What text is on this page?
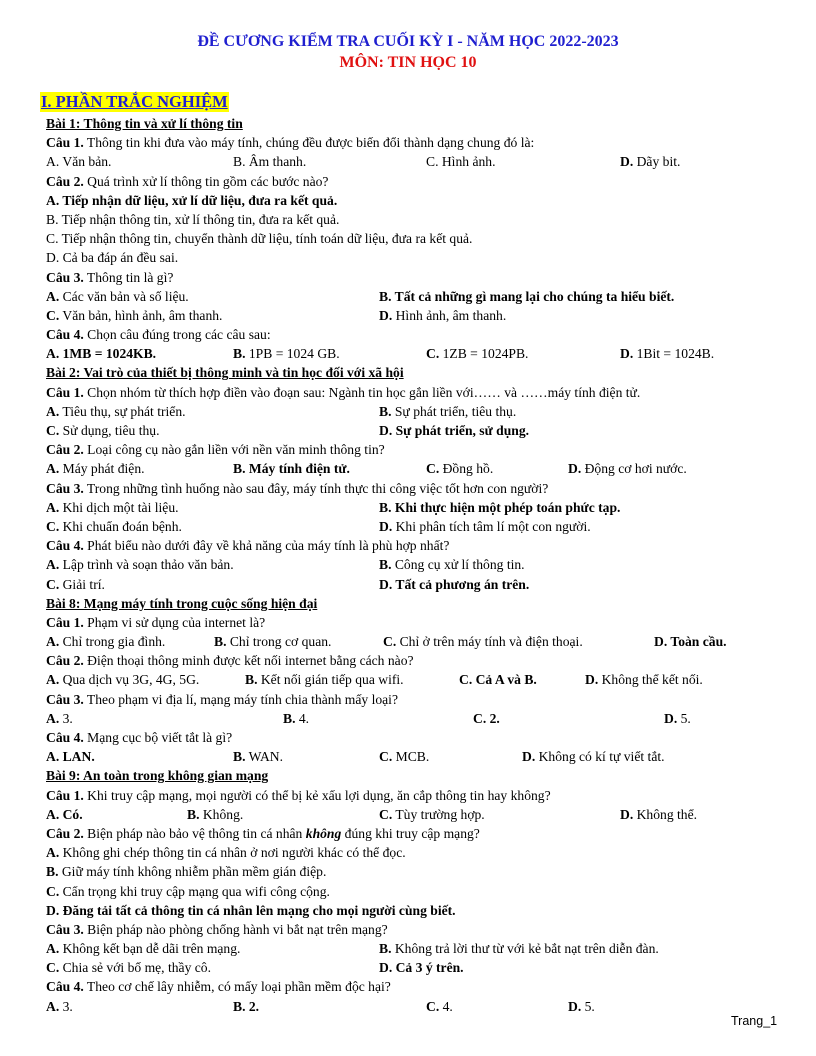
ĐỀ CƯƠNG KIỂM TRA CUỐI KỲ I - NĂM HỌC 2022-2023
MÔN: TIN HỌC 10
I. PHẦN TRẮC NGHIỆM
Bài 1: Thông tin và xử lí thông tin
Câu 1. Thông tin khi đưa vào máy tính, chúng đều được biến đổi thành dạng chung đó là:
A. Văn bản.	B. Âm thanh.	C. Hình ảnh.	D. Dãy bit.
Câu 2. Quá trình xử lí thông tin gồm các bước nào?
A. Tiếp nhận dữ liệu, xử lí dữ liệu, đưa ra kết quả.
B. Tiếp nhận thông tin, xử lí thông tin, đưa ra kết quả.
C. Tiếp nhận thông tin, chuyển thành dữ liệu, tính toán dữ liệu, đưa ra kết quả.
D. Cả ba đáp án đều sai.
Câu 3. Thông tin là gì?
A. Các văn bản và số liệu.	B. Tất cả những gì mang lại cho chúng ta hiểu biết.
C. Văn bản, hình ảnh, âm thanh.	D. Hình ảnh, âm thanh.
Câu 4. Chọn câu đúng trong các câu sau:
A. 1MB = 1024KB.	B. 1PB = 1024 GB.	C. 1ZB = 1024PB.	D. 1Bit = 1024B.
Bài 2: Vai trò của thiết bị thông minh và tin học đối với xã hội
Câu 1. Chọn nhóm từ thích hợp điền vào đoạn sau: Ngành tin học gắn liền với…… và ……máy tính điện tử.
A. Tiêu thụ, sự phát triển.	B. Sự phát triển, tiêu thụ.
C. Sử dụng, tiêu thụ.	D. Sự phát triển, sử dụng.
Câu 2. Loại công cụ nào gắn liền với nền văn minh thông tin?
A. Máy phát điện.	B. Máy tính điện tử.	C. Đồng hồ.	D. Động cơ hơi nước.
Câu 3. Trong những tình huống nào sau đây, máy tính thực thi công việc tốt hơn con người?
A. Khi dịch một tài liệu.	B. Khi thực hiện một phép toán phức tạp.
C. Khi chuẩn đoán bệnh.	D. Khi phân tích tâm lí một con người.
Câu 4. Phát biểu nào dưới đây về khả năng của máy tính là phù hợp nhất?
A. Lập trình và soạn thảo văn bản.	B. Công cụ xử lí thông tin.
C. Giải trí.	D. Tất cả phương án trên.
Bài 8: Mạng máy tính trong cuộc sống hiện đại
Câu 1. Phạm vi sử dụng của internet là?
A. Chỉ trong gia đình.	B. Chỉ trong cơ quan.	C. Chỉ ở trên máy tính và điện thoại.	D. Toàn cầu.
Câu 2. Điện thoại thông minh được kết nối internet bằng cách nào?
A. Qua dịch vụ 3G, 4G, 5G.	B. Kết nối gián tiếp qua wifi.	C. Cả A và B.	D. Không thể kết nối.
Câu 3. Theo phạm vi địa lí, mạng máy tính chia thành mấy loại?
A. 3.	B. 4.	C. 2.	D. 5.
Câu 4. Mạng cục bộ viết tắt là gì?
A. LAN.	B. WAN.	C. MCB.	D. Không có kí tự viết tắt.
Bài 9: An toàn trong không gian mạng
Câu 1. Khi truy cập mạng, mọi người có thể bị kẻ xấu lợi dụng, ăn cắp thông tin hay không?
A. Có.	B. Không.	C. Tùy trường hợp.	D. Không thể.
Câu 2. Biện pháp nào bảo vệ thông tin cá nhân không đúng khi truy cập mạng?
A. Không ghi chép thông tin cá nhân ở nơi người khác có thể đọc.
B. Giữ máy tính không nhiễm phần mềm gián điệp.
C. Cẩn trọng khi truy cập mạng qua wifi công cộng.
D. Đăng tải tất cả thông tin cá nhân lên mạng cho mọi người cùng biết.
Câu 3. Biện pháp nào phòng chống hành vi bắt nạt trên mạng?
A. Không kết bạn dễ dãi trên mạng.	B. Không trả lời thư từ với kẻ bắt nạt trên diễn đàn.
C. Chia sẻ với bố mẹ, thầy cô.	D. Cả 3 ý trên.
Câu 4. Theo cơ chế lây nhiễm, có mấy loại phần mềm độc hại?
A. 3.	B. 2.	C. 4.	D. 5.
Trang_1
